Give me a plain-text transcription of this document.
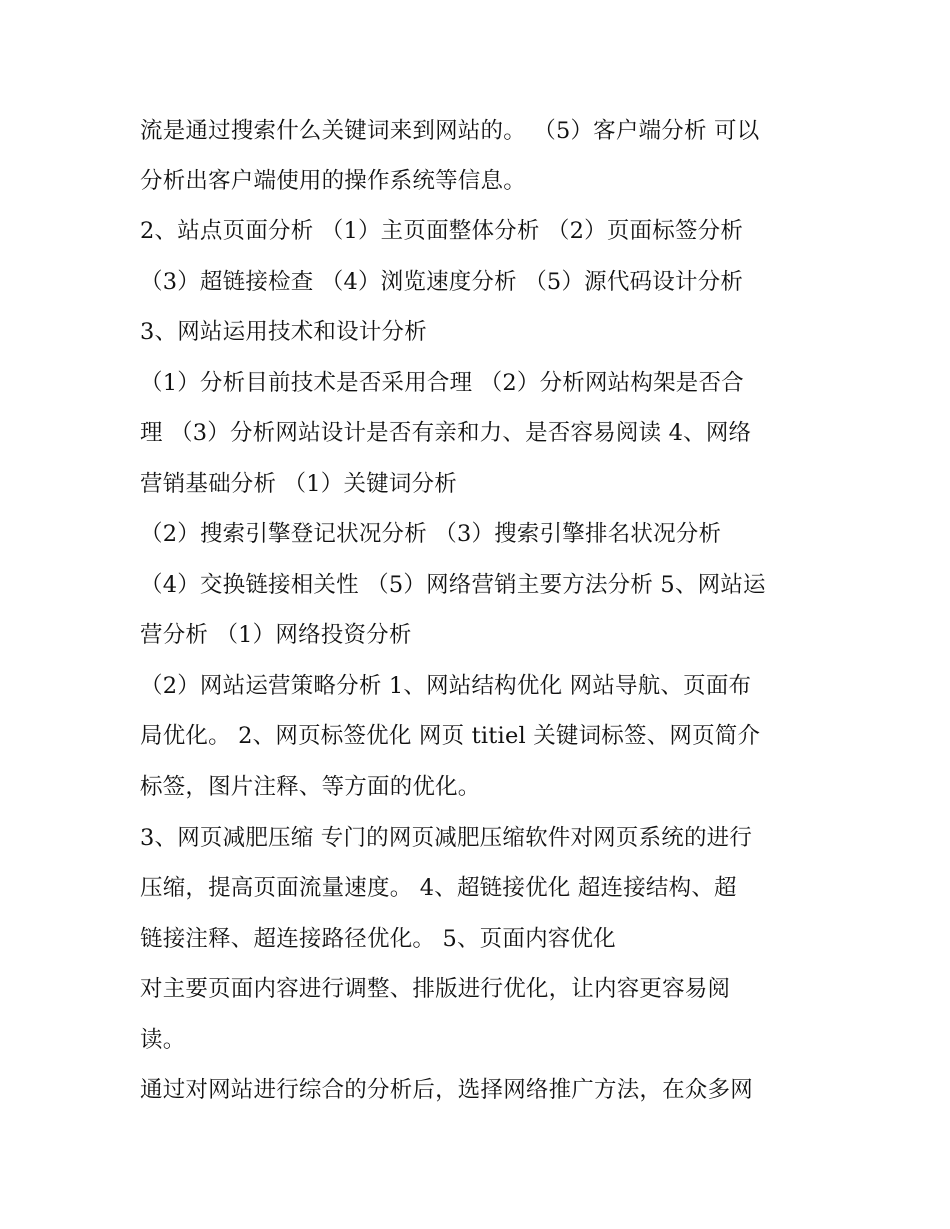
流是通过搜索什么关键词来到网站的。 （5）客户端分析 可以
分析出客户端使用的操作系统等信息。
2、站点页面分析 （1）主页面整体分析 （2）页面标签分析
（3）超链接检查 （4）浏览速度分析 （5）源代码设计分析
3、网站运用技术和设计分析
（1）分析目前技术是否采用合理 （2）分析网站构架是否合
理 （3）分析网站设计是否有亲和力、是否容易阅读 4、网络
营销基础分析 （1）关键词分析
（2）搜索引擎登记状况分析 （3）搜索引擎排名状况分析
（4）交换链接相关性 （5）网络营销主要方法分析 5、网站运
营分析 （1）网络投资分析
（2）网站运营策略分析 1、网站结构优化 网站导航、页面布
局优化。 2、网页标签优化 网页 titiel 关键词标签、网页简介
标签，图片注释、等方面的优化。
3、网页减肥压缩 专门的网页减肥压缩软件对网页系统的进行
压缩，提高页面流量速度。 4、超链接优化 超连接结构、超
链接注释、超连接路径优化。 5、页面内容优化
对主要页面内容进行调整、排版进行优化，让内容更容易阅
读。
通过对网站进行综合的分析后，选择网络推广方法，在众多网
